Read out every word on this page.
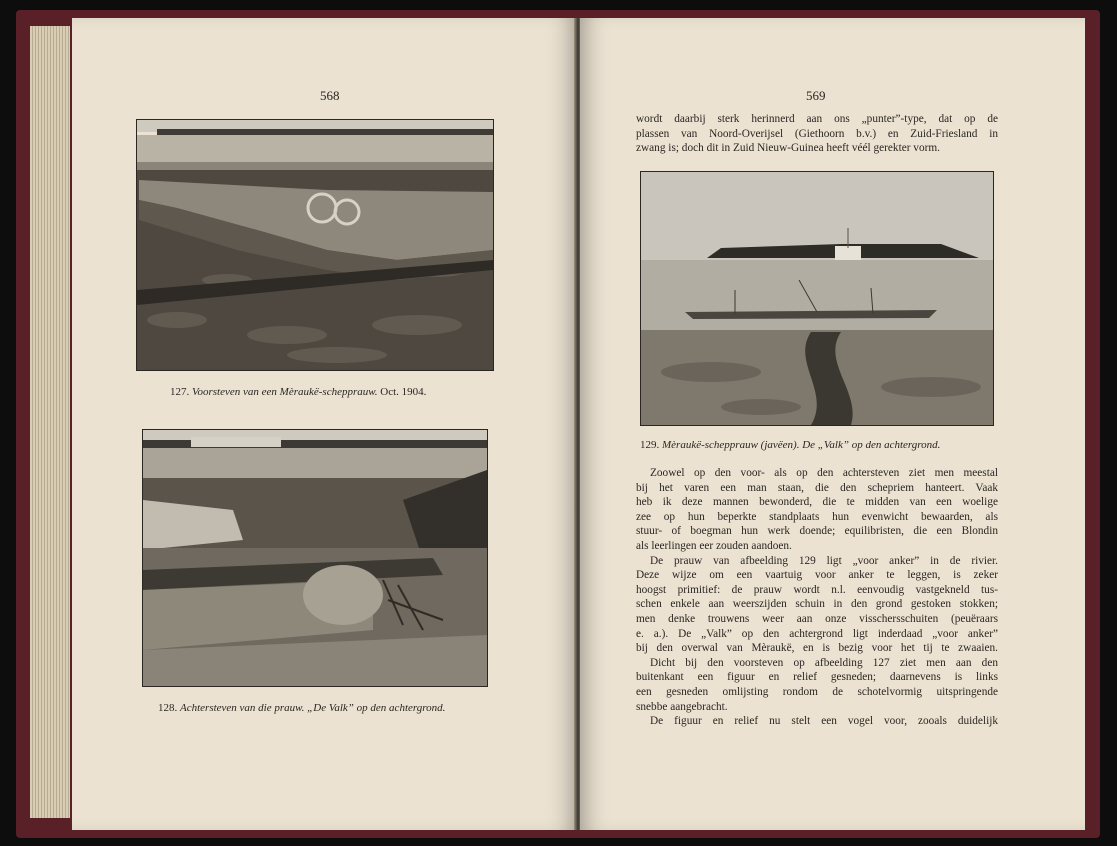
568
127. Voorsteven van een Mèraukë-schepprauw. Oct. 1904.
128. Achtersteven van die prauw. „De Valk” op den achtergrond.
569
wordt daarbij sterk herinnerd aan ons „punter”-type, dat op de
plassen van Noord-Overijsel (Giethoorn b.v.) en Zuid-Friesland in
zwang is; doch dit in Zuid Nieuw-Guinea heeft véél gerekter vorm.
129. Mèraukë-schepprauw (javëen). De „Valk” op den achtergrond.
Zoowel op den voor- als op den achtersteven ziet men meestal
bij het varen een man staan, die den schepriem hanteert. Vaak
heb ik deze mannen bewonderd, die te midden van een woelige
zee op hun beperkte standplaats hun evenwicht bewaarden, als
stuur- of boegman hun werk doende; equilibristen, die een Blondin
als leerlingen eer zouden aandoen.
De prauw van afbeelding 129 ligt „voor anker” in de rivier.
Deze wijze om een vaartuig voor anker te leggen, is zeker
hoogst primitief: de prauw wordt n.l. eenvoudig vastgekneld tus-
schen enkele aan weerszijden schuin in den grond gestoken stokken;
men denke trouwens weer aan onze visschersschuiten (peuëraars
e. a.). De „Valk” op den achtergrond ligt inderdaad „voor anker”
bij den overwal van Mèraukë, en is bezig voor het tij te zwaaien.
Dicht bij den voorsteven op afbeelding 127 ziet men aan den
buitenkant een figuur en relief gesneden; daarnevens is links
een gesneden omlijsting rondom de schotelvormig uitspringende
snebbe aangebracht.
De figuur en relief nu stelt een vogel voor, zooals duidelijk
